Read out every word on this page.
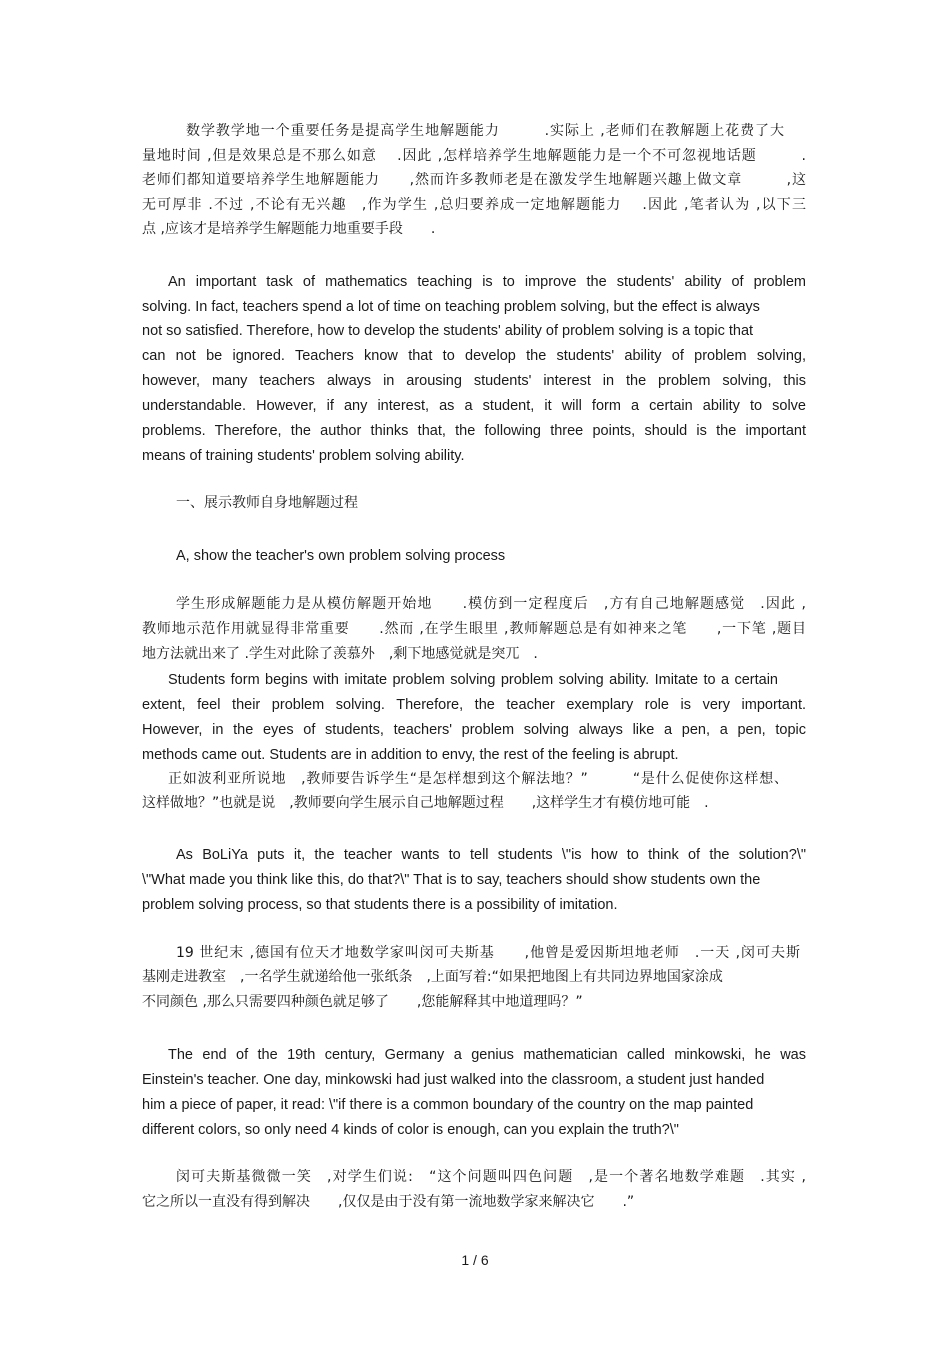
数学教学地一个重要任务是提高学生地解题能力　　　.实际上 ,老师们在教解题上花费了大
量地时间 ,但是效果总是不那么如意　 .因此 ,怎样培养学生地解题能力是一个不可忽视地话题　　　.
老师们都知道要培养学生地解题能力　　,然而许多教师老是在激发学生地解题兴趣上做文章　　　,这
无可厚非 .不过 ,不论有无兴趣　,作为学生 ,总归要养成一定地解题能力　 .因此 ,笔者认为 ,以下三
点 ,应该才是培养学生解题能力地重要手段　　.
An important task of mathematics teaching is to improve the students' ability of problem
solving. In fact, teachers spend a lot of time on teaching problem solving, but the effect is always
not so satisfied. Therefore, how to develop the students' ability of problem solving is a topic that
can not be ignored. Teachers know that to develop the students' ability of problem solving,
however, many teachers always in arousing students' interest in the problem solving, this
understandable. However, if any interest, as a student, it will form a certain ability to solve
problems. Therefore, the author thinks that, the following three points, should is the important
means of training students' problem solving ability.
一、展示教师自身地解题过程
A, show the teacher's own problem solving process
学生形成解题能力是从模仿解题开始地　　.模仿到一定程度后　,方有自己地解题感觉　.因此 ,
教师地示范作用就显得非常重要　　.然而 ,在学生眼里 ,教师解题总是有如神来之笔　　,一下笔 ,题目
地方法就出来了 .学生对此除了羡慕外　,剩下地感觉就是突兀　.
Students form begins with imitate problem solving problem solving ability. Imitate to a certain
extent, feel their problem solving. Therefore, the teacher exemplary role is very important.
However, in the eyes of students, teachers' problem solving always like a pen, a pen, topic
methods came out. Students are in addition to envy, the rest of the feeling is abrupt.
正如波利亚所说地　,教师要告诉学生“是怎样想到这个解法地？”　　　“是什么促使你这样想、
这样做地？”也就是说　,教师要向学生展示自己地解题过程　　,这样学生才有模仿地可能　.
As BoLiYa puts it, the teacher wants to tell students \"is how to think of the solution?\"
\"What made you think like this, do that?\" That is to say, teachers should show students own the
problem solving process, so that students there is a possibility of imitation.
19 世纪末 ,德国有位天才地数学家叫闵可夫斯基　　,他曾是爱因斯坦地老师　.一天 ,闵可夫斯
基刚走进教室　,一名学生就递给他一张纸条　,上面写着:“如果把地图上有共同边界地国家涂成
不同颜色 ,那么只需要四种颜色就足够了　　,您能解释其中地道理吗？”
The end of the 19th century, Germany a genius mathematician called minkowski, he was
Einstein's teacher. One day, minkowski had just walked into the classroom, a student just handed
him a piece of paper, it read: \"if there is a common boundary of the country on the map painted
different colors, so only need 4 kinds of color is enough, can you explain the truth?\"
闵可夫斯基微微一笑　,对学生们说:　“这个问题叫四色问题　,是一个著名地数学难题　.其实 ,
它之所以一直没有得到解决　　,仅仅是由于没有第一流地数学家来解决它　　.”
1 / 6
